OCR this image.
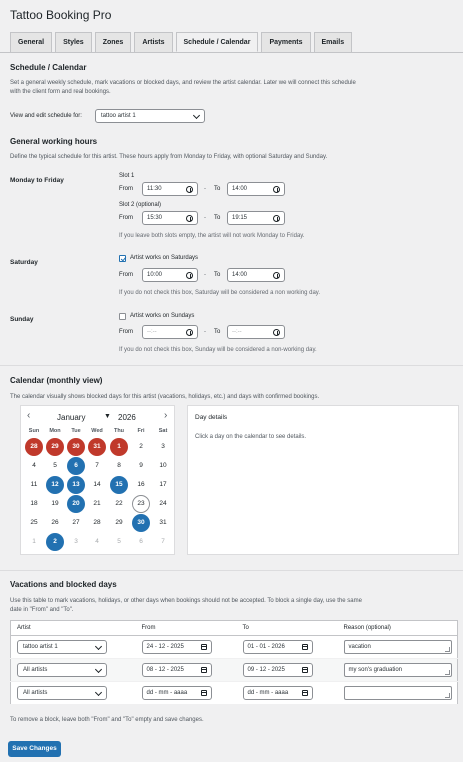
Tattoo Booking Pro
General	Styles	Zones	Artists	Schedule / Calendar	Payments	Emails
Schedule / Calendar
Set a general weekly schedule, mark vacations or blocked days, and review the artist calendar. Later we will connect this schedule
with the client form and real bookings.
View and edit schedule for:	tattoo artist 1
General working hours
Define the typical schedule for this artist. These hours apply from Monday to Friday, with optional Saturday and Sunday.
Monday to Friday
Slot 1
From	11:30	- To	14:00
Slot 2 (optional)
From	15:30	- To	19:15
If you leave both slots empty, the artist will not work Monday to Friday.
Saturday
Artist works on Saturdays
From	10:00	- To	14:00
If you do not check this box, Saturday will be considered a non working day.
Sunday	Artist works on Sundays
From	--:--	- To	--:--
If you do not check this box, Sunday will be considered a non-working day.
Calendar (monthly view)
The calendar visually shows blocked days for this artist (vacations, holidays, etc.) and days with confirmed bookings.
‹	January	▼ 2026	›
Sun	Mon	Tue	Wed	Thu	Fri	Sat
28	29	30	31	1	2	3
4	5	6	7	8	9	10
11	12	13	14	15	16	17
18	19	20	21	22	23	24
25	26	27	28	29	30	31
1	2	3	4	5	6	7
Day details
Click a day on the calendar to see details.
Vacations and blocked days
Use this table to mark vacations, holidays, or other days when bookings should not be accepted. To block a single day, use the same
date in "From" and "To".
Artist	From	To	Reason (optional)

tattoo artist 1	24 - 12 - 2025	01 - 01 - 2026	vacation

All artists	08 - 12 - 2025	09 - 12 - 2025	my son's graduation

All artists	dd - mm - aaaa	dd - mm - aaaa	

To remove a block, leave both "From" and "To" empty and save changes.
Save Changes
